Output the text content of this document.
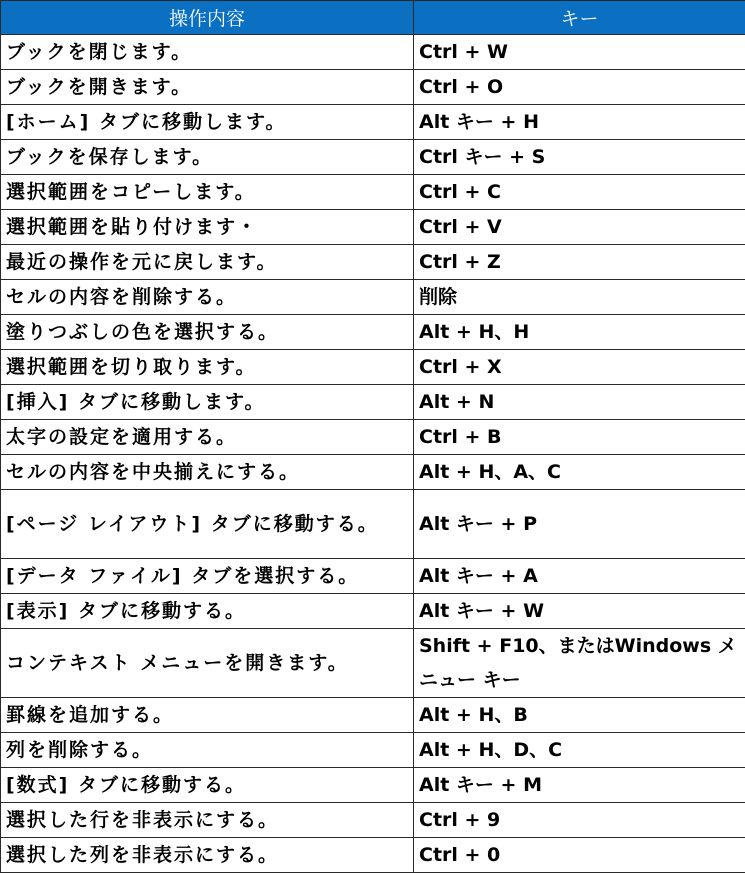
操作内容	キー
ブックを閉じます。	Ctrl + W
ブックを開きます。	Ctrl + O
[ホーム] タブに移動します。	Alt キー + H
ブックを保存します。	Ctrl キー + S
選択範囲をコピーします。	Ctrl + C
選択範囲を貼り付けます・	Ctrl + V
最近の操作を元に戻します。	Ctrl + Z
セルの内容を削除する。	削除
塗りつぶしの色を選択する。	Alt + H、H
選択範囲を切り取ります。	Ctrl + X
[挿入] タブに移動します。	Alt + N
太字の設定を適用する。	Ctrl + B
セルの内容を中央揃えにする。	Alt + H、A、C
[ページ レイアウト] タブに移動する。	Alt キー + P
[データ ファイル] タブを選択する。	Alt キー + A
[表示] タブに移動する。	Alt キー + W
コンテキスト メニューを開きます。	Shift + F10、またはWindows メニュー キー
罫線を追加する。	Alt + H、B
列を削除する。	Alt + H、D、C
[数式] タブに移動する。	Alt キー + M
選択した行を非表示にする。	Ctrl + 9
選択した列を非表示にする。	Ctrl + 0
